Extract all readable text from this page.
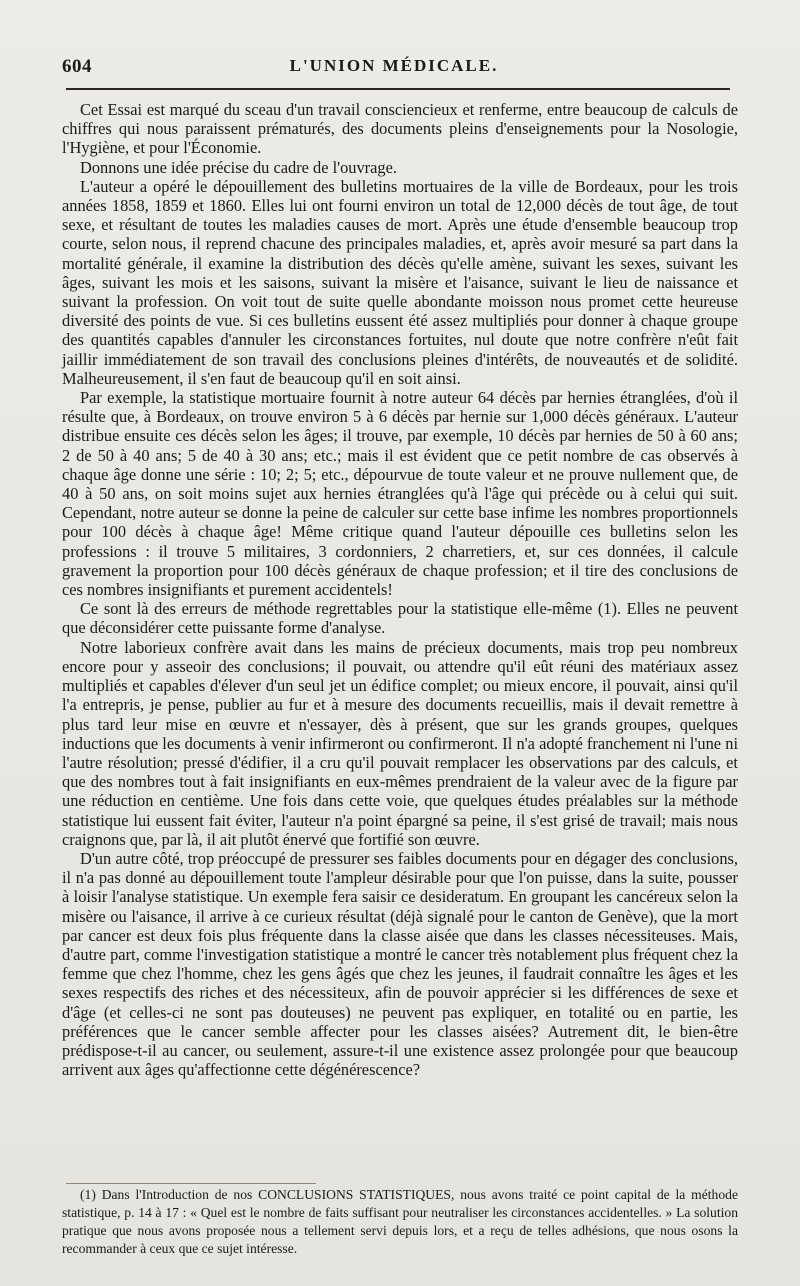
604	L'UNION MÉDICALE.

Cet Essai est marqué du sceau d'un travail consciencieux et renferme, entre beaucoup de calculs de chiffres qui nous paraissent prématurés, des documents pleins d'enseignements pour la Nosologie, l'Hygiène, et pour l'Économie.

Donnons une idée précise du cadre de l'ouvrage.

L'auteur a opéré le dépouillement des bulletins mortuaires de la ville de Bordeaux, pour les trois années 1858, 1859 et 1860. Elles lui ont fourni environ un total de 12,000 décès de tout âge, de tout sexe, et résultant de toutes les maladies causes de mort. Après une étude d'ensemble beaucoup trop courte, selon nous, il reprend chacune des principales maladies, et, après avoir mesuré sa part dans la mortalité générale, il examine la distribution des décès qu'elle amène, suivant les sexes, suivant les âges, suivant les mois et les saisons, suivant la misère et l'aisance, suivant le lieu de naissance et suivant la profession. On voit tout de suite quelle abondante moisson nous promet cette heureuse diversité des points de vue. Si ces bulletins eussent été assez multipliés pour donner à chaque groupe des quantités capables d'annuler les circonstances fortuites, nul doute que notre confrère n'eût fait jaillir immédiatement de son travail des conclusions pleines d'intérêts, de nouveautés et de solidité. Malheureusement, il s'en faut de beaucoup qu'il en soit ainsi.

Par exemple, la statistique mortuaire fournit à notre auteur 64 décès par hernies étranglées, d'où il résulte que, à Bordeaux, on trouve environ 5 à 6 décès par hernie sur 1,000 décès généraux. L'auteur distribue ensuite ces décès selon les âges; il trouve, par exemple, 10 décès par hernies de 50 à 60 ans; 2 de 50 à 40 ans; 5 de 40 à 30 ans; etc.; mais il est évident que ce petit nombre de cas observés à chaque âge donne une série : 10; 2; 5; etc., dépourvue de toute valeur et ne prouve nullement que, de 40 à 50 ans, on soit moins sujet aux hernies étranglées qu'à l'âge qui précède ou à celui qui suit. Cependant, notre auteur se donne la peine de calculer sur cette base infime les nombres proportionnels pour 100 décès à chaque âge! Même critique quand l'auteur dépouille ces bulletins selon les professions : il trouve 5 militaires, 3 cordonniers, 2 charretiers, et, sur ces données, il calcule gravement la proportion pour 100 décès généraux de chaque profession; et il tire des conclusions de ces nombres insignifiants et purement accidentels!

Ce sont là des erreurs de méthode regrettables pour la statistique elle-même (1). Elles ne peuvent que déconsidérer cette puissante forme d'analyse.

Notre laborieux confrère avait dans les mains de précieux documents, mais trop peu nombreux encore pour y asseoir des conclusions; il pouvait, ou attendre qu'il eût réuni des matériaux assez multipliés et capables d'élever d'un seul jet un édifice complet; ou mieux encore, il pouvait, ainsi qu'il l'a entrepris, je pense, publier au fur et à mesure des documents recueillis, mais il devait remettre à plus tard leur mise en œuvre et n'essayer, dès à présent, que sur les grands groupes, quelques inductions que les documents à venir infirmeront ou confirmeront. Il n'a adopté franchement ni l'une ni l'autre résolution; pressé d'édifier, il a cru qu'il pouvait remplacer les observations par des calculs, et que des nombres tout à fait insignifiants en eux-mêmes prendraient de la valeur avec de la figure par une réduction en centième. Une fois dans cette voie, que quelques études préalables sur la méthode statistique lui eussent fait éviter, l'auteur n'a point épargné sa peine, il s'est grisé de travail; mais nous craignons que, par là, il ait plutôt énervé que fortifié son œuvre.

D'un autre côté, trop préoccupé de pressurer ses faibles documents pour en dégager des conclusions, il n'a pas donné au dépouillement toute l'ampleur désirable pour que l'on puisse, dans la suite, pousser à loisir l'analyse statistique. Un exemple fera saisir ce desideratum. En groupant les cancéreux selon la misère ou l'aisance, il arrive à ce curieux résultat (déjà signalé pour le canton de Genève), que la mort par cancer est deux fois plus fréquente dans la classe aisée que dans les classes nécessiteuses. Mais, d'autre part, comme l'investigation statistique a montré le cancer très notablement plus fréquent chez la femme que chez l'homme, chez les gens âgés que chez les jeunes, il faudrait connaître les âges et les sexes respectifs des riches et des nécessiteux, afin de pouvoir apprécier si les différences de sexe et d'âge (et celles-ci ne sont pas douteuses) ne peuvent pas expliquer, en totalité ou en partie, les préférences que le cancer semble affecter pour les classes aisées? Autrement dit, le bien-être prédispose-t-il au cancer, ou seulement, assure-t-il une existence assez prolongée pour que beaucoup arrivent aux âges qu'affectionne cette dégénérescence?

(1) Dans l'Introduction de nos CONCLUSIONS STATISTIQUES, nous avons traité ce point capital de la méthode statistique, p. 14 à 17 : « Quel est le nombre de faits suffisant pour neutraliser les circonstances accidentelles. » La solution pratique que nous avons proposée nous a tellement servi depuis lors, et a reçu de telles adhésions, que nous osons la recommander à ceux que ce sujet intéresse.
